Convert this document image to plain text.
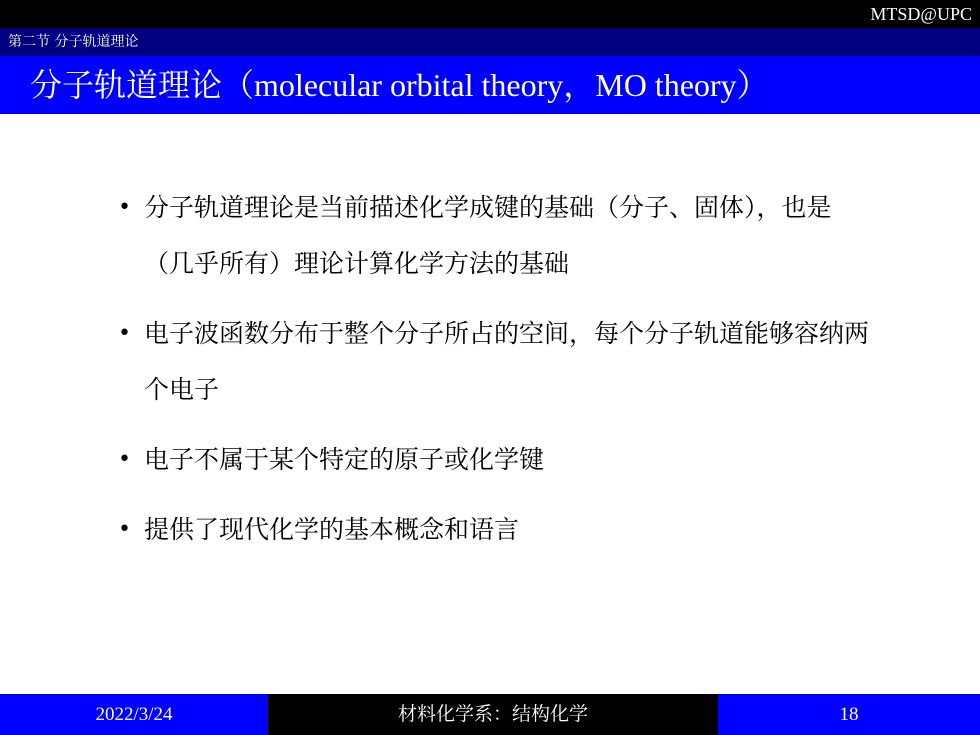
MTSD@UPC
第二节 分子轨道理论
分子轨道理论（molecular orbital theory，MO theory）
• 分子轨道理论是当前描述化学成键的基础（分子、固体），也是（几乎所有）理论计算化学方法的基础
• 电子波函数分布于整个分子所占的空间，每个分子轨道能够容纳两个电子
• 电子不属于某个特定的原子或化学键
• 提供了现代化学的基本概念和语言
2022/3/24	材料化学系：结构化学	18
